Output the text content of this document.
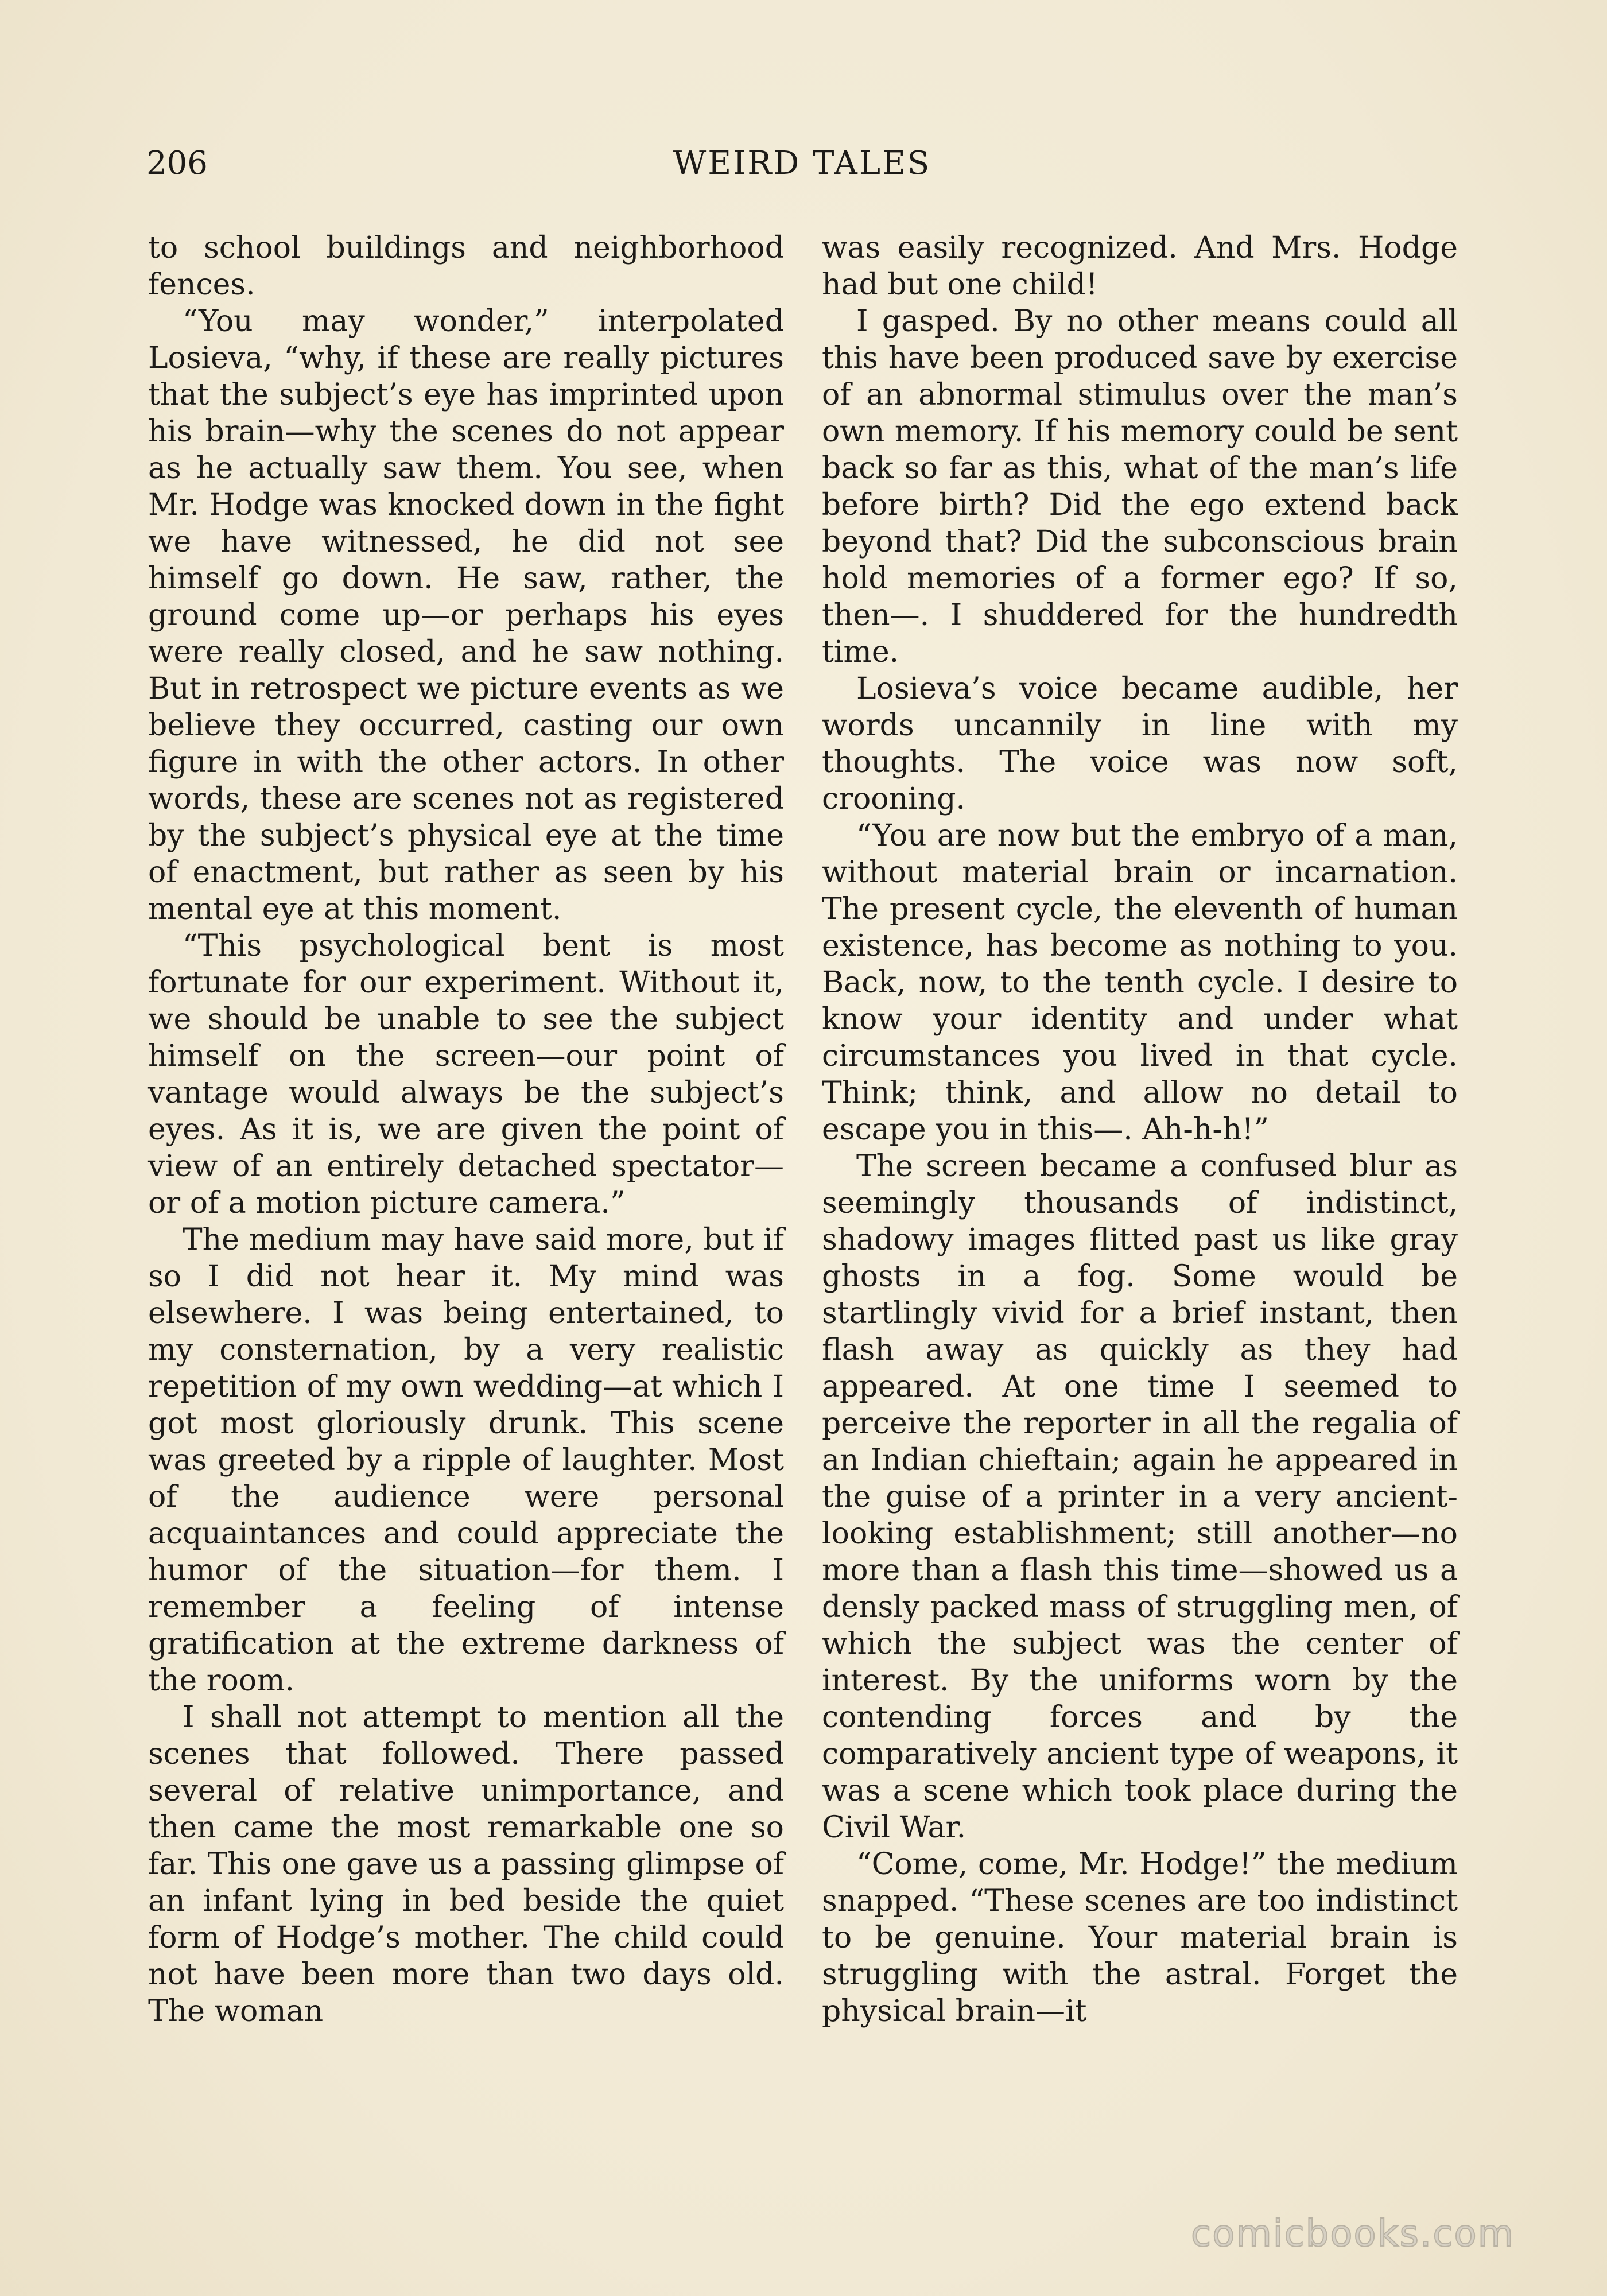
206	WEIRD TALES

to school buildings and neighborhood fences.

“You may wonder,” interpolated Losieva, “why, if these are really pictures that the subject’s eye has imprinted upon his brain—why the scenes do not appear as he actually saw them. You see, when Mr. Hodge was knocked down in the fight we have witnessed, he did not see himself go down. He saw, rather, the ground come up—or perhaps his eyes were really closed, and he saw nothing. But in retrospect we picture events as we believe they occurred, casting our own figure in with the other actors. In other words, these are scenes not as registered by the subject’s physical eye at the time of enactment, but rather as seen by his mental eye at this moment.

“This psychological bent is most fortunate for our experiment. Without it, we should be unable to see the subject himself on the screen—our point of vantage would always be the subject’s eyes. As it is, we are given the point of view of an entirely detached spectator—or of a motion picture camera.”

The medium may have said more, but if so I did not hear it. My mind was elsewhere. I was being entertained, to my consternation, by a very realistic repetition of my own wedding—at which I got most gloriously drunk. This scene was greeted by a ripple of laughter. Most of the audience were personal acquaintances and could appreciate the humor of the situation—for them. I remember a feeling of intense gratification at the extreme darkness of the room.

I shall not attempt to mention all the scenes that followed. There passed several of relative unimportance, and then came the most remarkable one so far. This one gave us a passing glimpse of an infant lying in bed beside the quiet form of Hodge’s mother. The child could not have been more than two days old. The woman

was easily recognized. And Mrs. Hodge had but one child!

I gasped. By no other means could all this have been produced save by exercise of an abnormal stimulus over the man’s own memory. If his memory could be sent back so far as this, what of the man’s life before birth? Did the ego extend back beyond that? Did the subconscious brain hold memories of a former ego? If so, then—. I shuddered for the hundredth time.

Losieva’s voice became audible, her words uncannily in line with my thoughts. The voice was now soft, crooning.

“You are now but the embryo of a man, without material brain or incarnation. The present cycle, the eleventh of human existence, has become as nothing to you. Back, now, to the tenth cycle. I desire to know your identity and under what circumstances you lived in that cycle. Think; think, and allow no detail to escape you in this—. Ah-h-h!”

The screen became a confused blur as seemingly thousands of indistinct, shadowy images flitted past us like gray ghosts in a fog. Some would be startlingly vivid for a brief instant, then flash away as quickly as they had appeared. At one time I seemed to perceive the reporter in all the regalia of an Indian chieftain; again he appeared in the guise of a printer in a very ancient-looking establishment; still another—no more than a flash this time—showed us a densly packed mass of struggling men, of which the subject was the center of interest. By the uniforms worn by the contending forces and by the comparatively ancient type of weapons, it was a scene which took place during the Civil War.

“Come, come, Mr. Hodge!” the medium snapped. “These scenes are too indistinct to be genuine. Your material brain is struggling with the astral. Forget the physical brain—it

comicbooks.com
